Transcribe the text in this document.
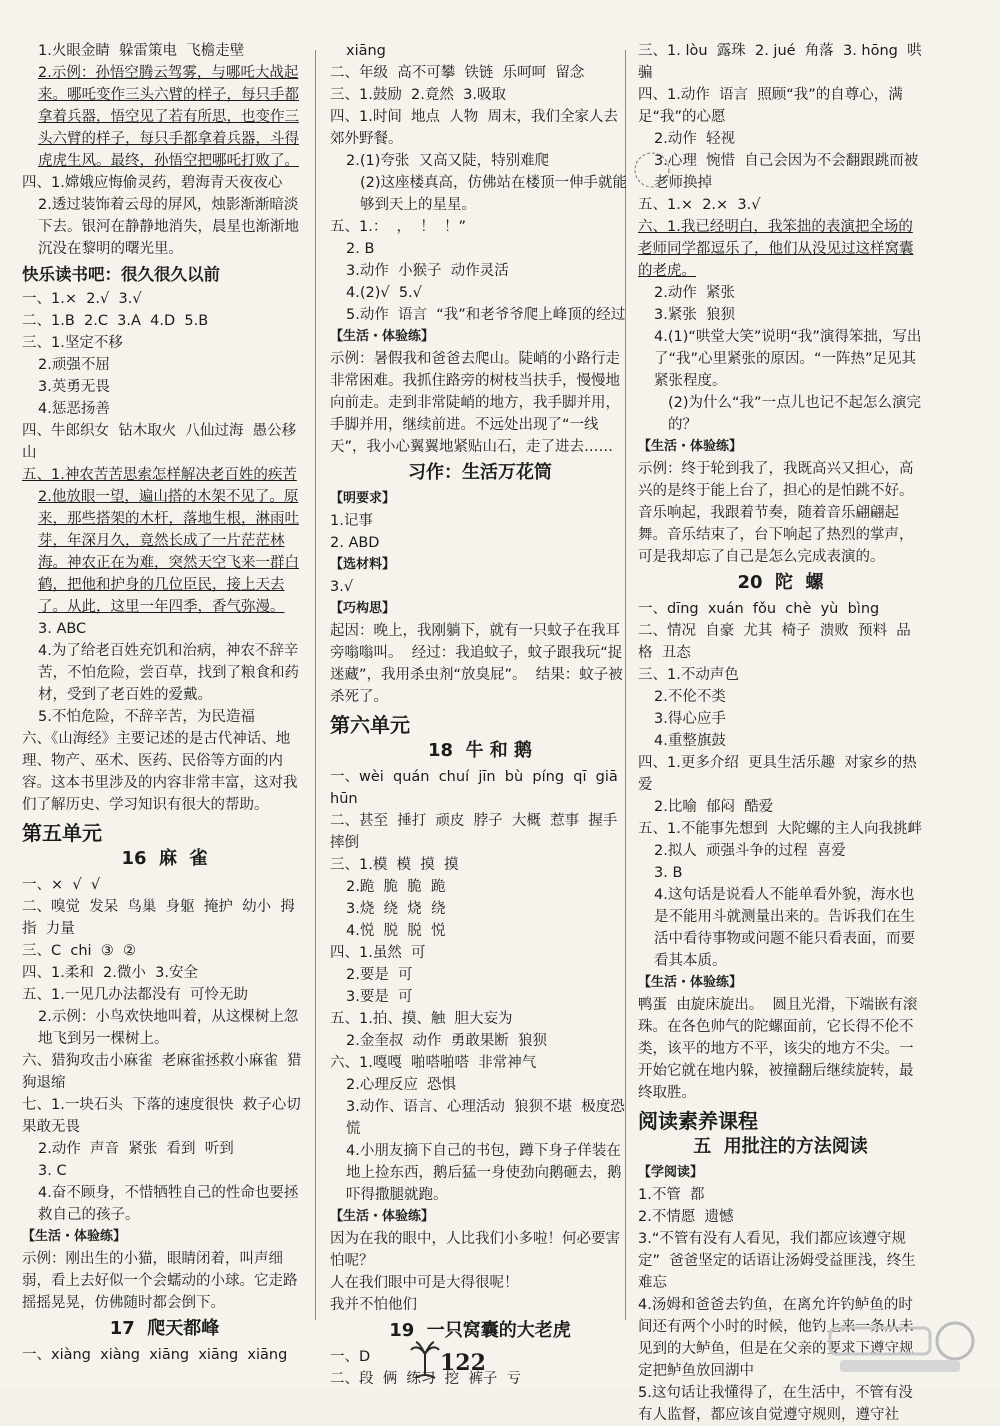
1.火眼金睛  躲雷策电  飞檐走壁
2.示例：孙悟空腾云驾雾，与哪吒大战起来。哪吒变作三头六臂的样子，每只手都拿着兵器，悟空见了若有所思，也变作三头六臂的样子，每只手都拿着兵器，斗得虎虎生风。最终，孙悟空把哪吒打败了。
四、1.嫦娥应悔偷灵药，碧海青天夜夜心
2.透过装饰着云母的屏风，烛影渐渐暗淡下去。银河在静静地消失，晨星也渐渐地沉没在黎明的曙光里。
快乐读书吧：很久很久以前
一、1.×  2.√  3.√
二、1.B  2.C  3.A  4.D  5.B
三、1.坚定不移
2.顽强不屈
3.英勇无畏
4.惩恶扬善
四、牛郎织女  钻木取火  八仙过海  愚公移山
五、1.神农苦苦思索怎样解决老百姓的疾苦
2.他放眼一望，遍山搭的木架不见了。原来，那些搭架的木杆，落地生根，淋雨吐芽，年深月久，竟然长成了一片茫茫林海。神农正在为难，突然天空飞来一群白鹤，把他和护身的几位臣民，接上天去了。从此，这里一年四季，香气弥漫。
3. ABC
4.为了给老百姓充饥和治病，神农不辞辛苦，不怕危险，尝百草，找到了粮食和药材，受到了老百姓的爱戴。
5.不怕危险，不辞辛苦，为民造福
六、《山海经》主要记述的是古代神话、地理、物产、巫术、医药、民俗等方面的内容。这本书里涉及的内容非常丰富，这对我们了解历史、学习知识有很大的帮助。
第五单元
16  麻  雀
一、×  √  √
二、嗅觉  发呆  鸟巢  身躯  掩护  幼小  拇指  力量
三、C  chi  ③  ②
四、1.柔和  2.微小  3.安全
五、1.一见几办法都没有  可怜无助
2.示例：小鸟欢快地叫着，从这棵树上忽地飞到另一棵树上。
六、猎狗攻击小麻雀  老麻雀拯救小麻雀  猎狗退缩
七、1.一块石头  下落的速度很快  救子心切  果敢无畏
2.动作  声音  紧张  看到  听到
3. C
4.奋不顾身，不惜牺牲自己的性命也要拯救自己的孩子。
【生活・体验练】
示例：刚出生的小猫，眼睛闭着，叫声细弱，看上去好似一个会蠕动的小球。它走路摇摇晃晃，仿佛随时都会倒下。
17  爬天都峰
一、xiàng  xiàng  xiāng  xiāng  xiāng
xiāng
二、年级  高不可攀  铁链  乐呵呵  留念
三、1.鼓励  2.竟然  3.吸取
四、1.时间  地点  人物  周末，我们全家人去郊外野餐。
2.(1)夸张  又高又陡，特别难爬
(2)这座楼真高，仿佛站在楼顶一伸手就能够到天上的星星。
五、1.：  ，  ！  ！”
2. B
3.动作  小猴子  动作灵活
4.(2)√  5.√
5.动作  语言  “我”和老爷爷爬上峰顶的经过
【生活・体验练】
示例：暑假我和爸爸去爬山。陡峭的小路行走非常困难。我抓住路旁的树枝当扶手，慢慢地向前走。走到非常陡峭的地方，我手脚并用，手脚并用，继续前进。不远处出现了“一线天”，我小心翼翼地紧贴山石，走了进去……
习作：生活万花筒
【明要求】
1.记事
2. ABD
【选材料】
3.√
【巧构思】
起因：晚上，我刚躺下，就有一只蚊子在我耳旁嗡嗡叫。  经过：我追蚊子，蚊子跟我玩“捉迷藏”，我用杀虫剂“放臭屁”。  结果：蚊子被杀死了。
第六单元
18  牛 和 鹅
一、wèi  quán  chuí  jīn  bù  píng  qī  giā  hūn
二、甚至  捶打  顽皮  脖子  大概  惹事  握手  摔倒
三、1.模  模  摸  摸
2.跪  脆  脆  跪
3.烧  绕  烧  绕
4.悦  脱  脱  悦
四、1.虽然  可
2.要是  可
3.要是  可
五、1.拍、摸、触  胆大妄为
2.金奎叔  动作  勇敢果断  狼狈
六、1.嘎嘎  啪嗒啪嗒  非常神气
2.心理反应  恐惧
3.动作、语言、心理活动  狼狈不堪  极度恐慌
4.小朋友摘下自己的书包，蹲下身子佯装在地上捡东西，鹅后猛一身使劲向鹅砸去，鹅吓得撒腿就跑。
【生活・体验练】
因为在我的眼中，人比我们小多啦！何必要害怕呢？
人在我们眼中可是大得很呢！
我并不怕他们
19  一只窝囊的大老虎
一、D
二、段  俩  练习  挖  裤子  亏
三、1. lòu  露珠  2. jué  角落  3. hōng  哄骗
四、1.动作  语言  照顾“我”的自尊心，满足“我”的心愿
2.动作  轻视
3.心理  惋惜  自己会因为不会翻跟跳而被老师换掉
五、1.×  2.×  3.√
六、1.我已经明白，我笨拙的表演把全场的老师同学都逗乐了，他们从没见过这样窝囊的老虎。
2.动作  紧张
3.紧张  狼狈
4.(1)“哄堂大笑”说明“我”演得笨拙，写出了“我”心里紧张的原因。“一阵热”足见其紧张程度。
(2)为什么“我”一点儿也记不起怎么演完的？
【生活・体验练】
示例：终于轮到我了，我既高兴又担心，高兴的是终于能上台了，担心的是怕跳不好。音乐响起，我跟着节奏，随着音乐翩翩起舞。音乐结束了，台下响起了热烈的掌声，可是我却忘了自己是怎么完成表演的。
20  陀  螺
一、dīng  xuán  fǒu  chè  yù  bìng
二、情况  自豪  尤其  椅子  溃败  预料  品格  丑态
三、1.不动声色
2.不伦不类
3.得心应手
4.重整旗鼓
四、1.更多介绍  更具生活乐趣  对家乡的热爱
2.比喻  郁闷  酷爱
五、1.不能事先想到  大陀螺的主人向我挑衅
2.拟人  顽强斗争的过程  喜爱
3. B
4.这句话是说看人不能单看外貌，海水也是不能用斗就测量出来的。告诉我们在生活中看待事物或问题不能只看表面，而要看其本质。
【生活・体验练】
鸭蛋  由旋床旋出。  圆且光滑，下端嵌有滚珠。在各色帅气的陀螺面前，它长得不伦不类，该平的地方不平，该尖的地方不尖。一开始它就在地内躲，被撞翻后继续旋转，最终取胜。
阅读素养课程
五  用批注的方法阅读
【学阅读】
1.不管  都
2.不情愿  遗憾
3.“不管有没有人看见，我们都应该遵守规定”  爸爸坚定的话语让汤姆受益匪浅，终生难忘
4.汤姆和爸爸去钓鱼，在离允许钓鲈鱼的时间还有两个小时的时候，他钓上来一条从未见到的大鲈鱼，但是在父亲的要求下遵守规定把鲈鱼放回湖中
5.这句话让我懂得了，在生活中，不管有没有人监督，都应该自觉遵守规则，遵守社
122
